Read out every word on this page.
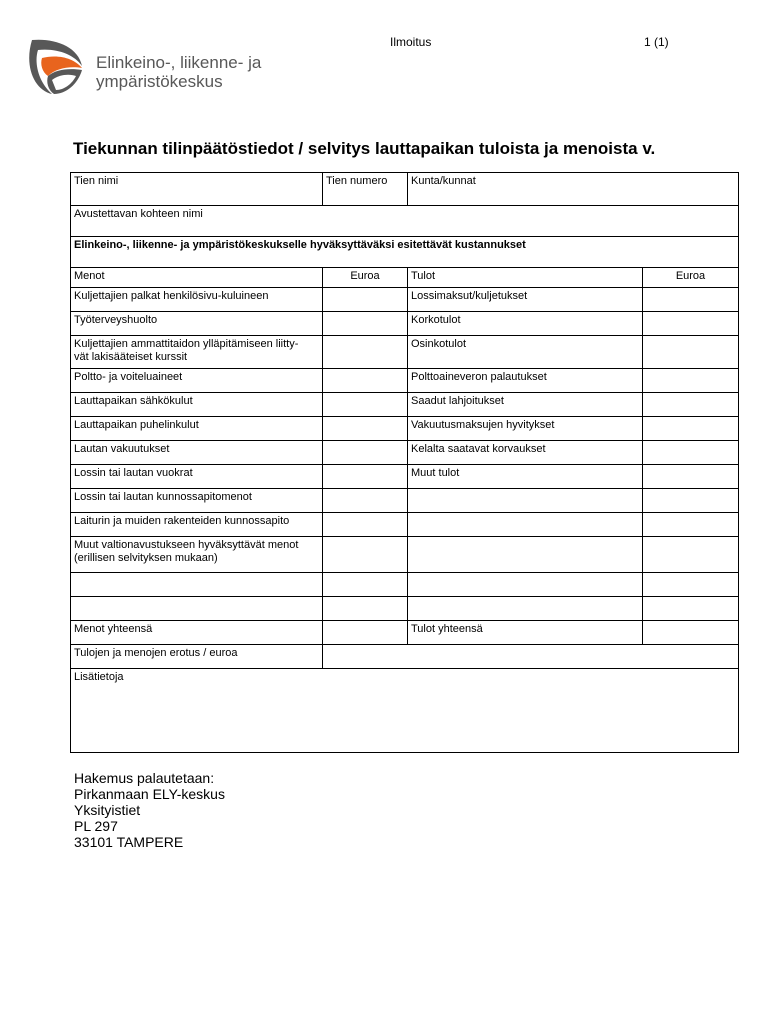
Elinkeino-, liikenne- ja
ympäristökeskus
Ilmoitus	1 (1)
Tiekunnan tilinpäätöstiedot / selvitys lauttapaikan tuloista ja menoista v.
Tien nimi	Tien numero	Kunta/kunnat	
Avustettavan kohteen nimi			
Elinkeino-, liikenne- ja ympäristökeskukselle hyväksyttäväksi esitettävät kustannukset			
Menot	Euroa	Tulot	Euroa
Kuljettajien palkat henkilösivu-kuluineen		Lossimaksut/kuljetukset	
Työterveyshuolto		Korkotulot	

Kuljettajien ammattitaidon ylläpitämiseen liitty-
vät lakisääteiset kurssit		Osinkotulot	
Poltto- ja voiteluaineet		Polttoaineveron palautukset	
Lauttapaikan sähkökulut		Saadut lahjoitukset	
Lauttapaikan puhelinkulut		Vakuutusmaksujen hyvitykset	
Lautan vakuutukset		Kelalta saatavat korvaukset	
Lossin tai lautan vuokrat		Muut tulot	
Lossin tai lautan kunnossapitomenot			
Laiturin ja muiden rakenteiden kunnossapito			

Muut valtionavustukseen hyväksyttävät menot
(erillisen selvityksen mukaan)			

Menot yhteensä		Tulot yhteensä	
Tulojen ja menojen erotus / euroa			
Lisätietoja			
Hakemus palautetaan:
Pirkanmaan ELY-keskus
Yksityistiet
PL 297
33101 TAMPERE
